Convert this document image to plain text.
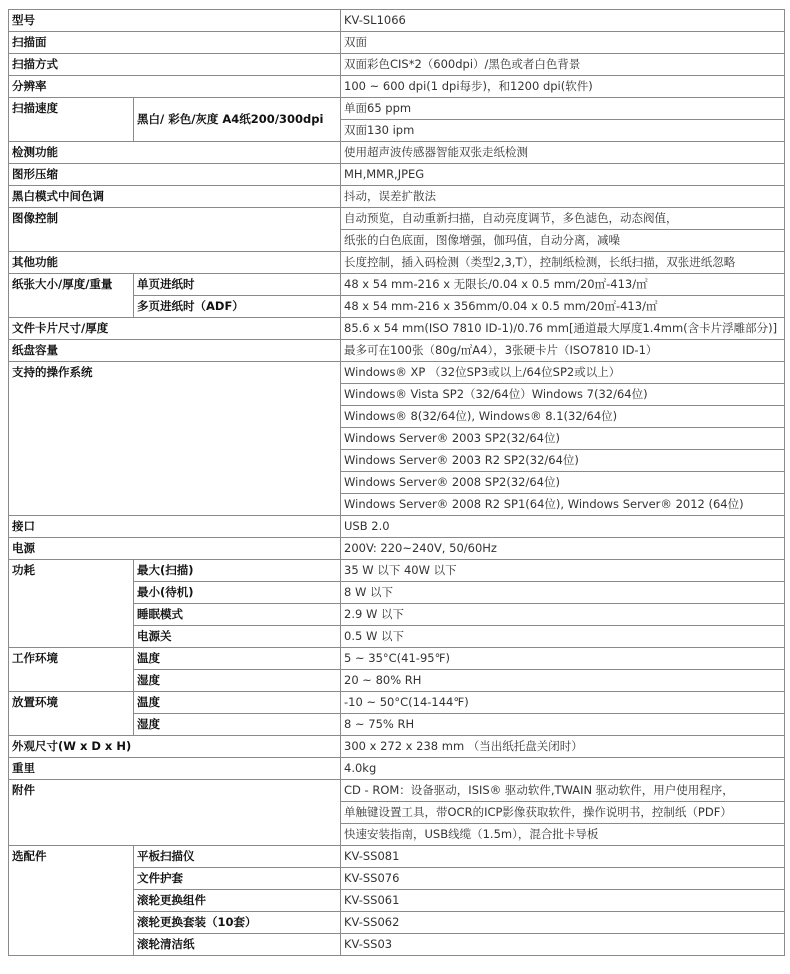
型号		KV-SL1066
扫描面		双面
扫描方式		双面彩色CIS*2（600dpi）/黑色或者白色背景
分辨率		100 ~ 600 dpi(1 dpi每步)，和1200 dpi(软件)
扫描速度	黑白/ 彩色/灰度 A4纸200/300dpi	单面65 ppm
		双面130 ipm
检测功能		使用超声波传感器智能双张走纸检测
图形压缩		MH,MMR,JPEG
黑白模式中间色调		抖动，误差扩散法
图像控制		自动预览，自动重新扫描，自动亮度调节，多色滤色，动态阀值，
		纸张的白色底面，图像增强，伽玛值，自动分离，减噪
其他功能		长度控制，插入码检测（类型2,3,T），控制纸检测，长纸扫描，双张进纸忽略
纸张大小/厚度/重量	单页进纸时	48 x 54 mm-216 x 无限长/0.04 x 0.5 mm/20㎡-413/㎡
	多页进纸时（ADF）	48 x 54 mm-216 x 356mm/0.04 x 0.5 mm/20㎡-413/㎡
文件卡片尺寸/厚度		85.6 x 54 mm(ISO 7810 ID-1)/0.76 mm[通道最大厚度1.4mm(含卡片浮雕部分)]
纸盘容量		最多可在100张（80g/㎡A4），3张硬卡片（ISO7810 ID-1）
支持的操作系统		Windows® XP （32位SP3或以上/64位SP2或以上）
		Windows® Vista SP2（32/64位）Windows 7(32/64位)
		Windows® 8(32/64位), Windows® 8.1(32/64位)
		Windows Server® 2003 SP2(32/64位)
		Windows Server® 2003 R2 SP2(32/64位)
		Windows Server® 2008 SP2(32/64位)
		Windows Server® 2008 R2 SP1(64位), Windows Server® 2012 (64位)
接口		USB 2.0
电源		200V: 220~240V, 50/60Hz
功耗	最大(扫描)	35 W 以下 40W 以下
	最小(待机)	8 W 以下
	睡眠模式	2.9 W 以下
	电源关	0.5 W 以下
工作环境	温度	5 ~ 35°C(41-95℉)
	湿度	20 ~ 80% RH
放置环境	温度	-10 ~ 50°C(14-144℉)
	湿度	8 ~ 75% RH
外观尺寸(W x D x H)		300 x 272 x 238 mm （当出纸托盘关闭时）
重里		4.0kg
附件		CD - ROM：设备驱动，ISIS® 驱动软件,TWAIN 驱动软件，用户使用程序，
		单触键设置工具，带OCR的ICP影像获取软件，操作说明书，控制纸（PDF）
		快速安装指南，USB线缆（1.5m），混合批卡导板
选配件	平板扫描仪	KV-SS081
	文件护套	KV-SS076
	滚轮更换组件	KV-SS061
	滚轮更换套装（10套）	KV-SS062
	滚轮清洁纸	KV-SS03
